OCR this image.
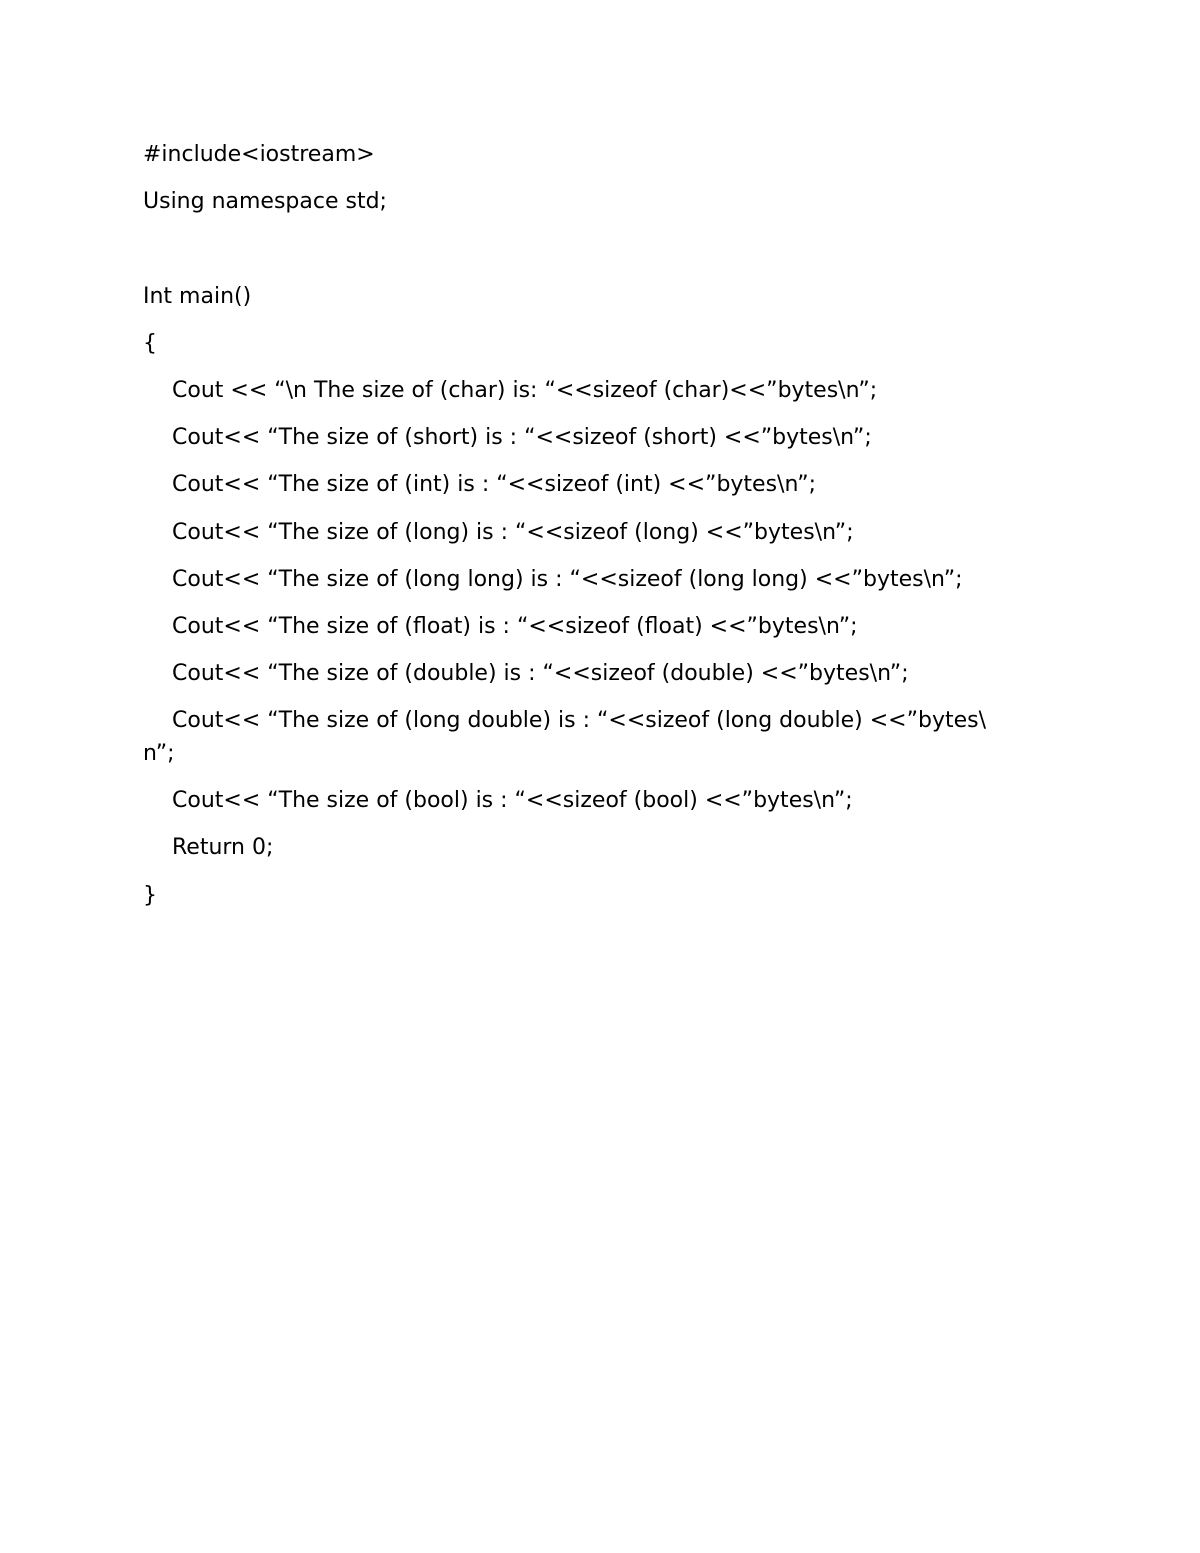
#include<iostream>
Using namespace std;
Int main()
{
Cout << “\n The size of (char) is: “<<sizeof (char)<<”bytes\n”;
Cout<< “The size of (short) is : “<<sizeof (short) <<”bytes\n”;
Cout<< “The size of (int) is : “<<sizeof (int) <<”bytes\n”;
Cout<< “The size of (long) is : “<<sizeof (long) <<”bytes\n”;
Cout<< “The size of (long long) is : “<<sizeof (long long) <<”bytes\n”;
Cout<< “The size of (float) is : “<<sizeof (float) <<”bytes\n”;
Cout<< “The size of (double) is : “<<sizeof (double) <<”bytes\n”;
Cout<< “The size of (long double) is : “<<sizeof (long double) <<”bytes\
n”;
Cout<< “The size of (bool) is : “<<sizeof (bool) <<”bytes\n”;
Return 0;
}
